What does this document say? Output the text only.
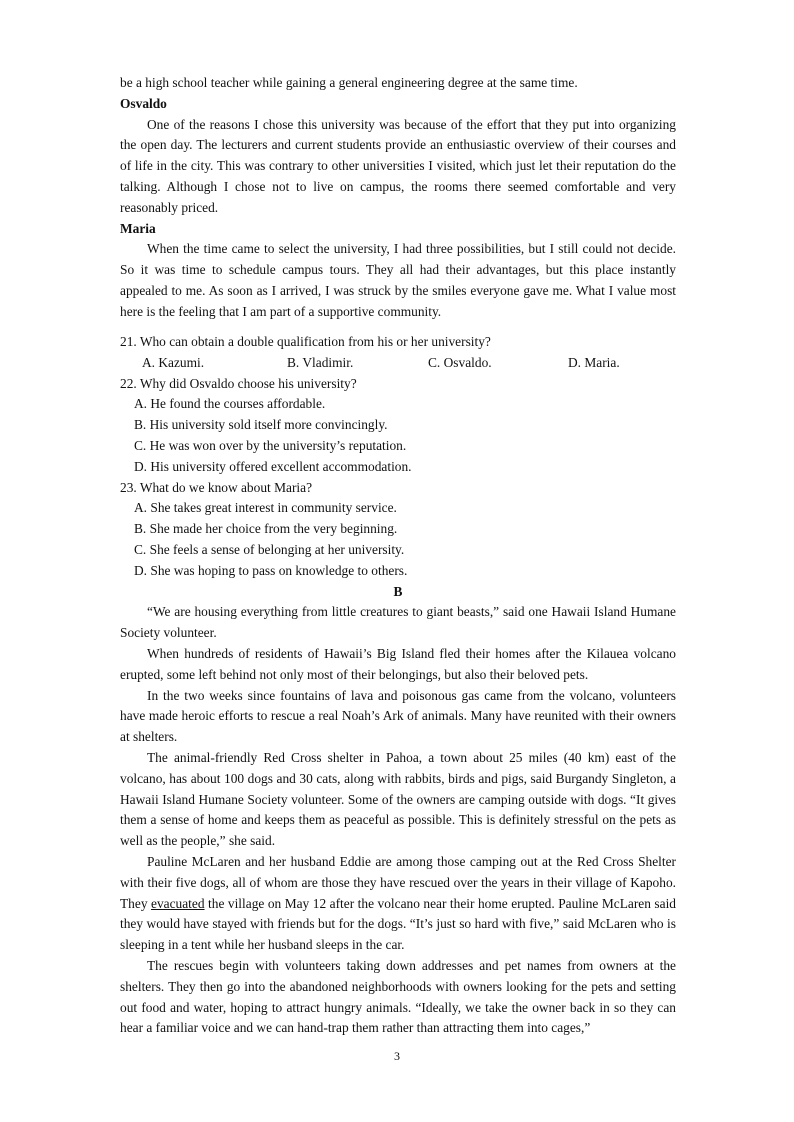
be a high school teacher while gaining a general engineering degree at the same time.

Osvaldo

One of the reasons I chose this university was because of the effort that they put into organizing the open day. The lecturers and current students provide an enthusiastic overview of their courses and of life in the city. This was contrary to other universities I visited, which just let their reputation do the talking. Although I chose not to live on campus, the rooms there seemed comfortable and very reasonably priced.

Maria

When the time came to select the university, I had three possibilities, but I still could not decide. So it was time to schedule campus tours. They all had their advantages, but this place instantly appealed to me. As soon as I arrived, I was struck by the smiles everyone gave me. What I value most here is the feeling that I am part of a supportive community.

21. Who can obtain a double qualification from his or her university?

A. Kazumi.	B. Vladimir.	C. Osvaldo.	D. Maria.

22. Why did Osvaldo choose his university?

A. He found the courses affordable.

B. His university sold itself more convincingly.

C. He was won over by the university’s reputation.

D. His university offered excellent accommodation.

23. What do we know about Maria?

A. She takes great interest in community service.

B. She made her choice from the very beginning.

C. She feels a sense of belonging at her university.

D. She was hoping to pass on knowledge to others.

B

“We are housing everything from little creatures to giant beasts,” said one Hawaii Island Humane Society volunteer.

When hundreds of residents of Hawaii’s Big Island fled their homes after the Kilauea volcano erupted, some left behind not only most of their belongings, but also their beloved pets.

In the two weeks since fountains of lava and poisonous gas came from the volcano, volunteers have made heroic efforts to rescue a real Noah’s Ark of animals. Many have reunited with their owners at shelters.

The animal-friendly Red Cross shelter in Pahoa, a town about 25 miles (40 km) east of the volcano, has about 100 dogs and 30 cats, along with rabbits, birds and pigs, said Burgandy Singleton, a Hawaii Island Humane Society volunteer. Some of the owners are camping outside with dogs. “It gives them a sense of home and keeps them as peaceful as possible. This is definitely stressful on the pets as well as the people,” she said.

Pauline McLaren and her husband Eddie are among those camping out at the Red Cross Shelter with their five dogs, all of whom are those they have rescued over the years in their village of Kapoho. They evacuated the village on May 12 after the volcano near their home erupted. Pauline McLaren said they would have stayed with friends but for the dogs. “It’s just so hard with five,” said McLaren who is sleeping in a tent while her husband sleeps in the car.

The rescues begin with volunteers taking down addresses and pet names from owners at the shelters. They then go into the abandoned neighborhoods with owners looking for the pets and setting out food and water, hoping to attract hungry animals. “Ideally, we take the owner back in so they can hear a familiar voice and we can hand-trap them rather than attracting them into cages,”

3
